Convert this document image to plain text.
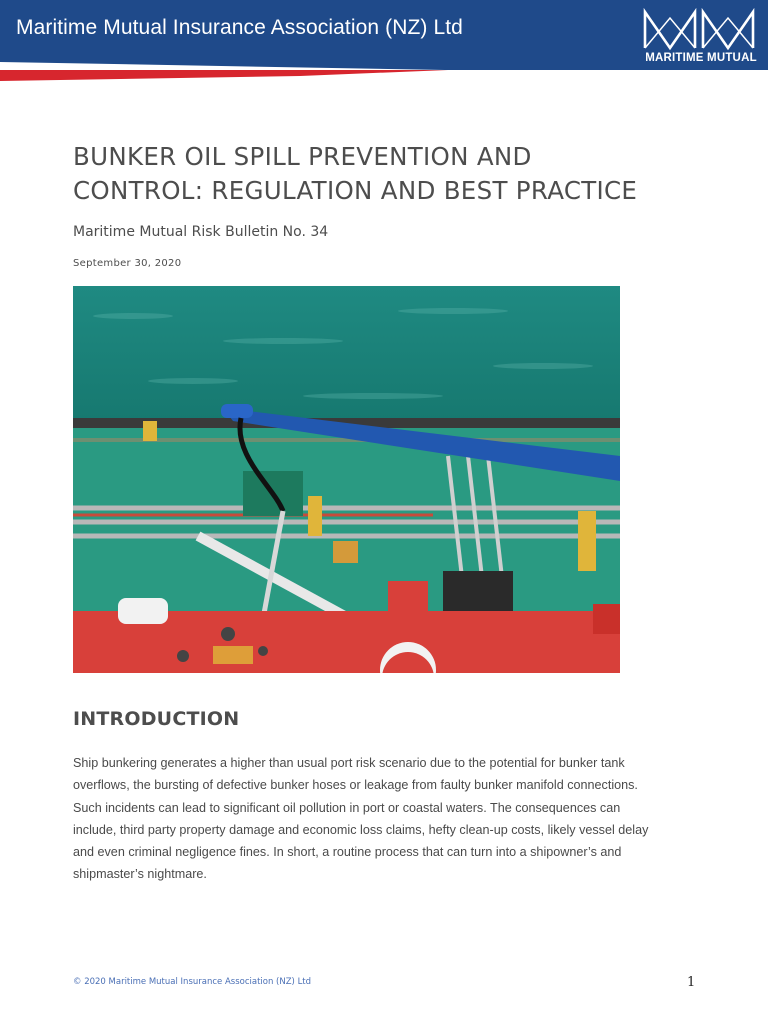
Maritime Mutual Insurance Association (NZ) Ltd
MARITIME MUTUAL
BUNKER OIL SPILL PREVENTION AND
CONTROL: REGULATION AND BEST PRACTICE
Maritime Mutual Risk Bulletin No. 34
September 30, 2020
INTRODUCTION

Ship bunkering generates a higher than usual port risk scenario due to the potential for bunker tank
overflows, the bursting of defective bunker hoses or leakage from faulty bunker manifold connections.
Such incidents can lead to significant oil pollution in port or coastal waters. The consequences can
include, third party property damage and economic loss claims, hefty clean-up costs, likely vessel delay
and even criminal negligence fines. In short, a routine process that can turn into a shipowner’s and
shipmaster’s nightmare.

© 2020 Maritime Mutual Insurance Association (NZ) Ltd	1
